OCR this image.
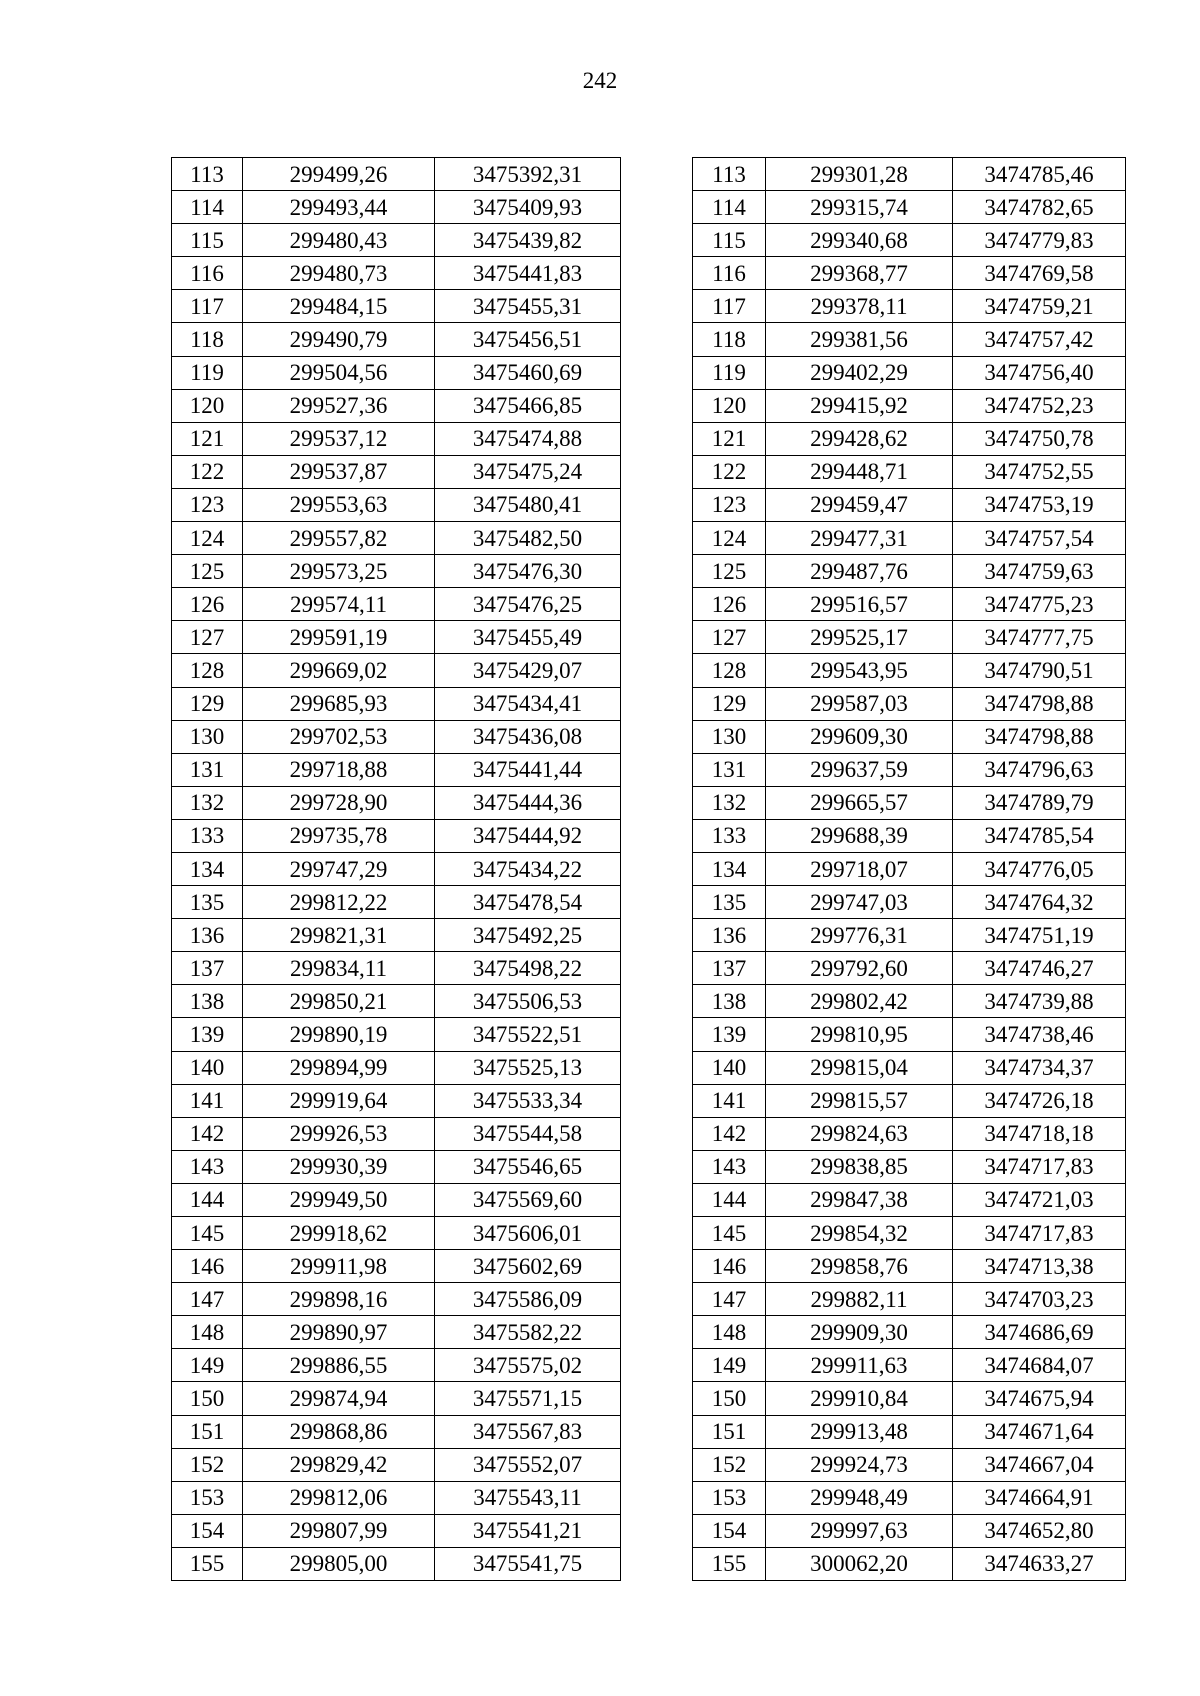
242
113	299499,26	3475392,31
114	299493,44	3475409,93
115	299480,43	3475439,82
116	299480,73	3475441,83
117	299484,15	3475455,31
118	299490,79	3475456,51
119	299504,56	3475460,69
120	299527,36	3475466,85
121	299537,12	3475474,88
122	299537,87	3475475,24
123	299553,63	3475480,41
124	299557,82	3475482,50
125	299573,25	3475476,30
126	299574,11	3475476,25
127	299591,19	3475455,49
128	299669,02	3475429,07
129	299685,93	3475434,41
130	299702,53	3475436,08
131	299718,88	3475441,44
132	299728,90	3475444,36
133	299735,78	3475444,92
134	299747,29	3475434,22
135	299812,22	3475478,54
136	299821,31	3475492,25
137	299834,11	3475498,22
138	299850,21	3475506,53
139	299890,19	3475522,51
140	299894,99	3475525,13
141	299919,64	3475533,34
142	299926,53	3475544,58
143	299930,39	3475546,65
144	299949,50	3475569,60
145	299918,62	3475606,01
146	299911,98	3475602,69
147	299898,16	3475586,09
148	299890,97	3475582,22
149	299886,55	3475575,02
150	299874,94	3475571,15
151	299868,86	3475567,83
152	299829,42	3475552,07
153	299812,06	3475543,11
154	299807,99	3475541,21
155	299805,00	3475541,75
113	299301,28	3474785,46
114	299315,74	3474782,65
115	299340,68	3474779,83
116	299368,77	3474769,58
117	299378,11	3474759,21
118	299381,56	3474757,42
119	299402,29	3474756,40
120	299415,92	3474752,23
121	299428,62	3474750,78
122	299448,71	3474752,55
123	299459,47	3474753,19
124	299477,31	3474757,54
125	299487,76	3474759,63
126	299516,57	3474775,23
127	299525,17	3474777,75
128	299543,95	3474790,51
129	299587,03	3474798,88
130	299609,30	3474798,88
131	299637,59	3474796,63
132	299665,57	3474789,79
133	299688,39	3474785,54
134	299718,07	3474776,05
135	299747,03	3474764,32
136	299776,31	3474751,19
137	299792,60	3474746,27
138	299802,42	3474739,88
139	299810,95	3474738,46
140	299815,04	3474734,37
141	299815,57	3474726,18
142	299824,63	3474718,18
143	299838,85	3474717,83
144	299847,38	3474721,03
145	299854,32	3474717,83
146	299858,76	3474713,38
147	299882,11	3474703,23
148	299909,30	3474686,69
149	299911,63	3474684,07
150	299910,84	3474675,94
151	299913,48	3474671,64
152	299924,73	3474667,04
153	299948,49	3474664,91
154	299997,63	3474652,80
155	300062,20	3474633,27
